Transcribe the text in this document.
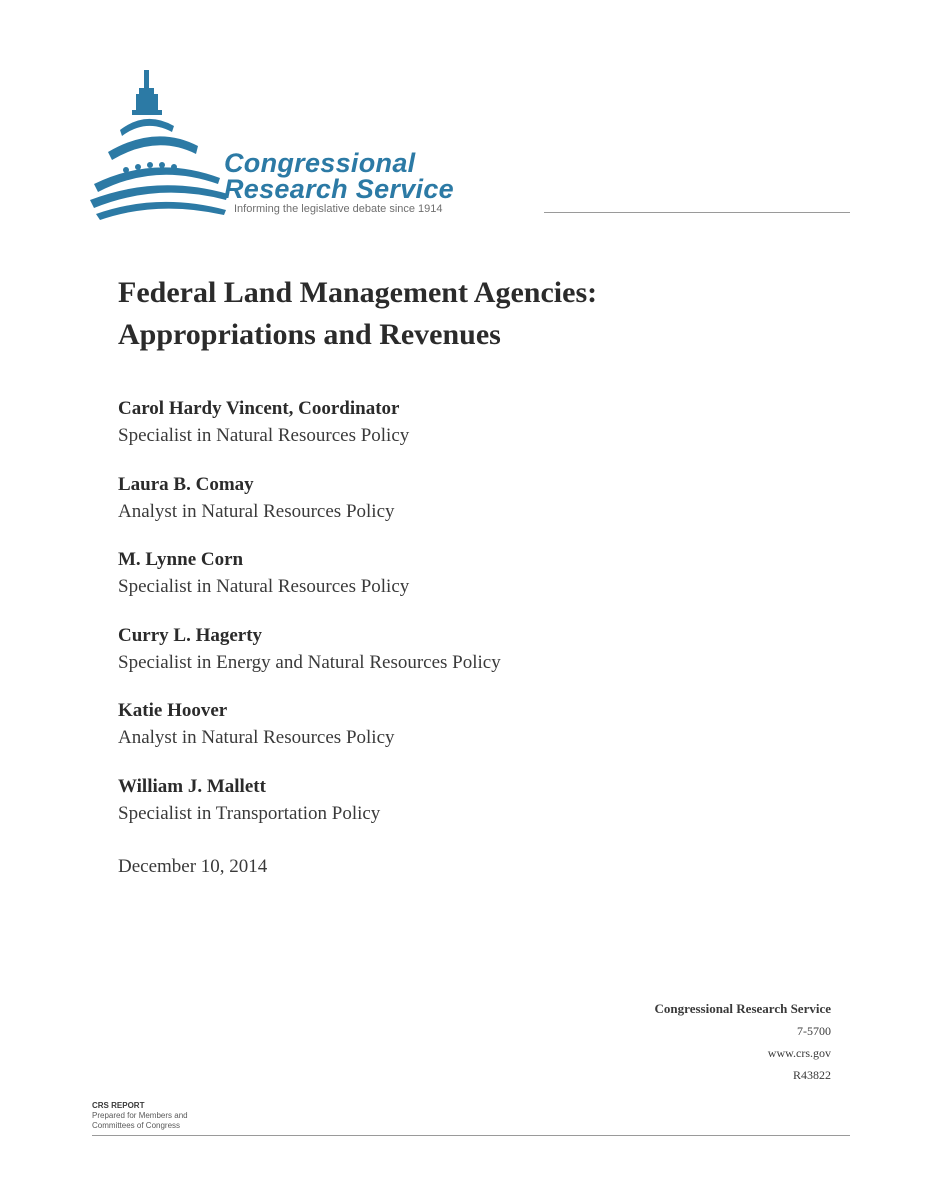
Congressional
Research Service
Informing the legislative debate since 1914
Federal Land Management Agencies:
Appropriations and Revenues
Carol Hardy Vincent, Coordinator
Specialist in Natural Resources Policy
Laura B. Comay
Analyst in Natural Resources Policy
M. Lynne Corn
Specialist in Natural Resources Policy
Curry L. Hagerty
Specialist in Energy and Natural Resources Policy
Katie Hoover
Analyst in Natural Resources Policy
William J. Mallett
Specialist in Transportation Policy
December 10, 2014
Congressional Research Service
7-5700
www.crs.gov
R43822
CRS REPORT
Prepared for Members and
Committees of Congress
